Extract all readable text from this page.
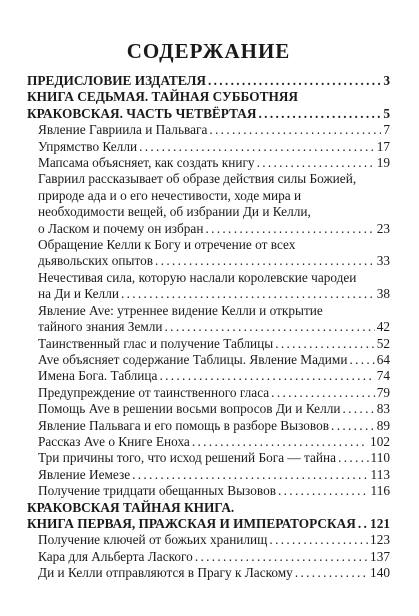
СОДЕРЖАНИЕ
ПРЕДИСЛОВИЕ ИЗДАТЕЛЯ . . .	3
КНИГА СЕДЬМАЯ. ТАЙНАЯ СУББОТНЯЯ
КРАКОВСКАЯ. ЧАСТЬ ЧЕТВЁРТАЯ . . .	5
Явление Гавриила и Пальвага . . .	7
Упрямство Келли . . .	17
Мапсама объясняет, как создать книгу . . .	19
Гавриил рассказывает об образе действия силы Божией,
природе ада и о его нечестивости, ходе мира и
необходимости вещей, об избрании Ди и Келли,
о Ласком и почему он избран . . .	23
Обращение Келли к Богу и отречение от всех
дьявольских опытов . . .	33
Нечестивая сила, которую наслали королевские чародеи
на Ди и Келли . . .	38
Явление Ave: утреннее видение Келли и открытие
тайного знания Земли . . .	42
Таинственный глас и получение Таблицы . . .	52
Ave объясняет содержание Таблицы. Явление Мадими . . . 64
Имена Бога. Таблица . . .	74
Предупреждение от таинственного гласа . . .	79
Помощь Ave в решении восьми вопросов Ди и Келли . . .	83
Явление Пальвага и его помощь в разборе Вызовов . . .	89
Рассказ Ave о Книге Еноха . . .	102
Три причины того, что исход решений Бога — тайна . . .	110
Явление Иемезе . . .	113
Получение тридцати обещанных Вызовов . . .	116
КРАКОВСКАЯ ТАЙНАЯ КНИГА.
КНИГА ПЕРВАЯ, ПРАЖСКАЯ И ИМПЕРАТОРСКАЯ . . . 121
Получение ключей от божьих хранилищ . . .	123
Кара для Альберта Лаского . . .	137
Ди и Келли отправляются в Прагу к Ласкому . . .	140
